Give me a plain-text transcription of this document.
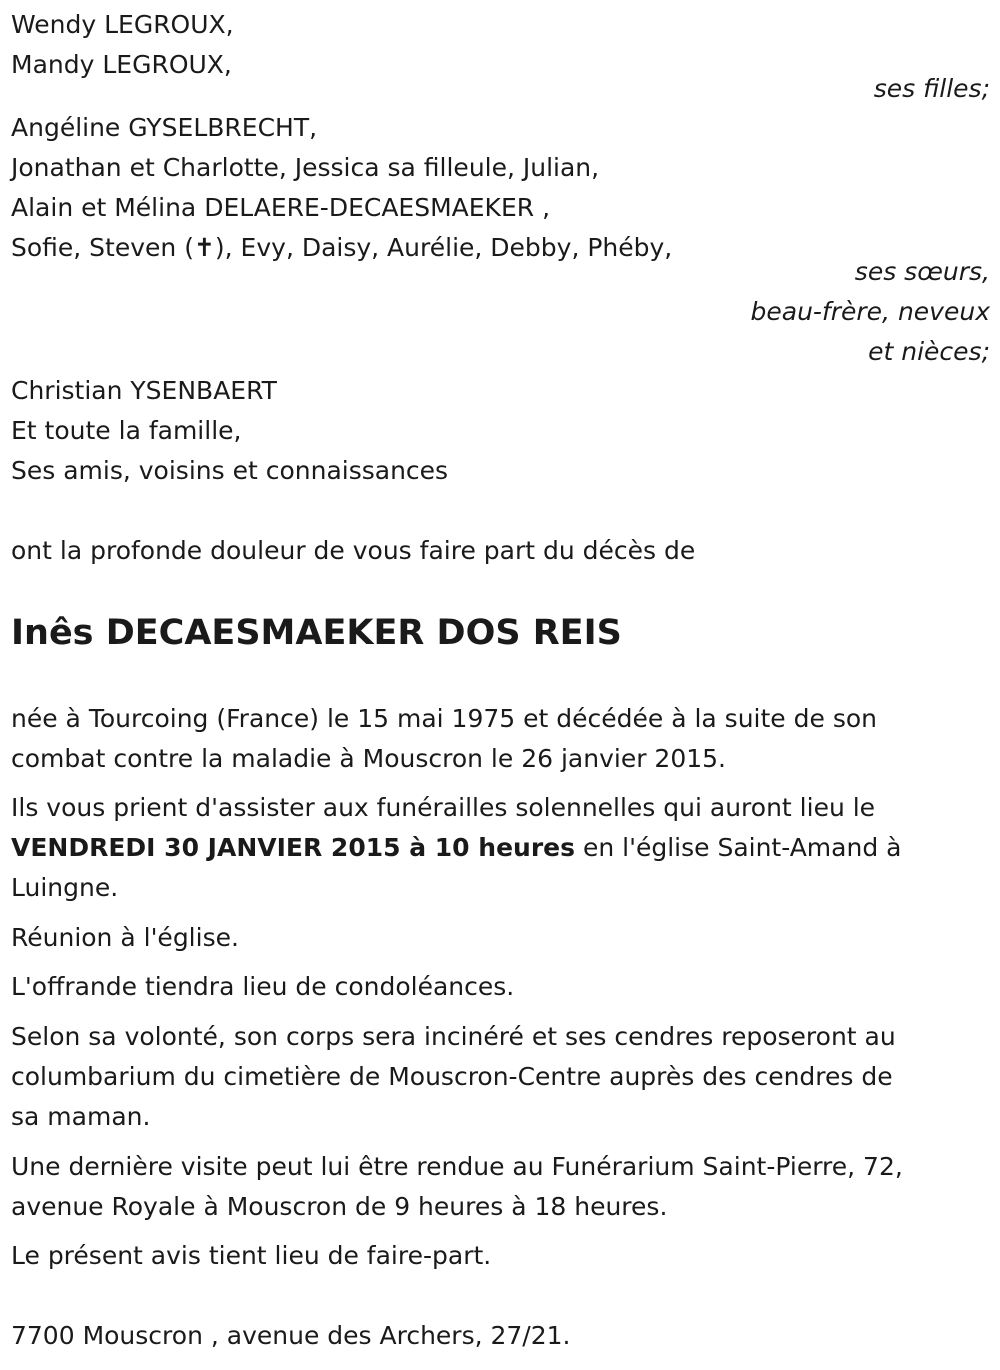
Wendy LEGROUX,

Mandy LEGROUX,

ses filles;

Angéline GYSELBRECHT,

Jonathan et Charlotte, Jessica sa filleule, Julian,

Alain et Mélina DELAERE-DECAESMAEKER ,

Sofie, Steven (✝), Evy, Daisy, Aurélie, Debby, Phéby,

ses sœurs,

beau-frère, neveux

et nièces;

Christian YSENBAERT

Et toute la famille,

Ses amis, voisins et connaissances

ont la profonde douleur de vous faire part du décès de

Inês DECAESMAEKER DOS REIS

née à Tourcoing (France) le 15 mai 1975 et décédée à la suite de son

combat contre la maladie à Mouscron le 26 janvier 2015.

Ils vous prient d'assister aux funérailles solennelles qui auront lieu le

VENDREDI 30 JANVIER 2015 à 10 heures en l'église Saint-Amand à

Luingne.

Réunion à l'église.

L'offrande tiendra lieu de condoléances.

Selon sa volonté, son corps sera incinéré et ses cendres reposeront au

columbarium du cimetière de Mouscron-Centre auprès des cendres de

sa maman.

Une dernière visite peut lui être rendue au Funérarium Saint-Pierre, 72,

avenue Royale à Mouscron de 9 heures à 18 heures.

Le présent avis tient lieu de faire-part.

7700 Mouscron , avenue des Archers, 27/21.
